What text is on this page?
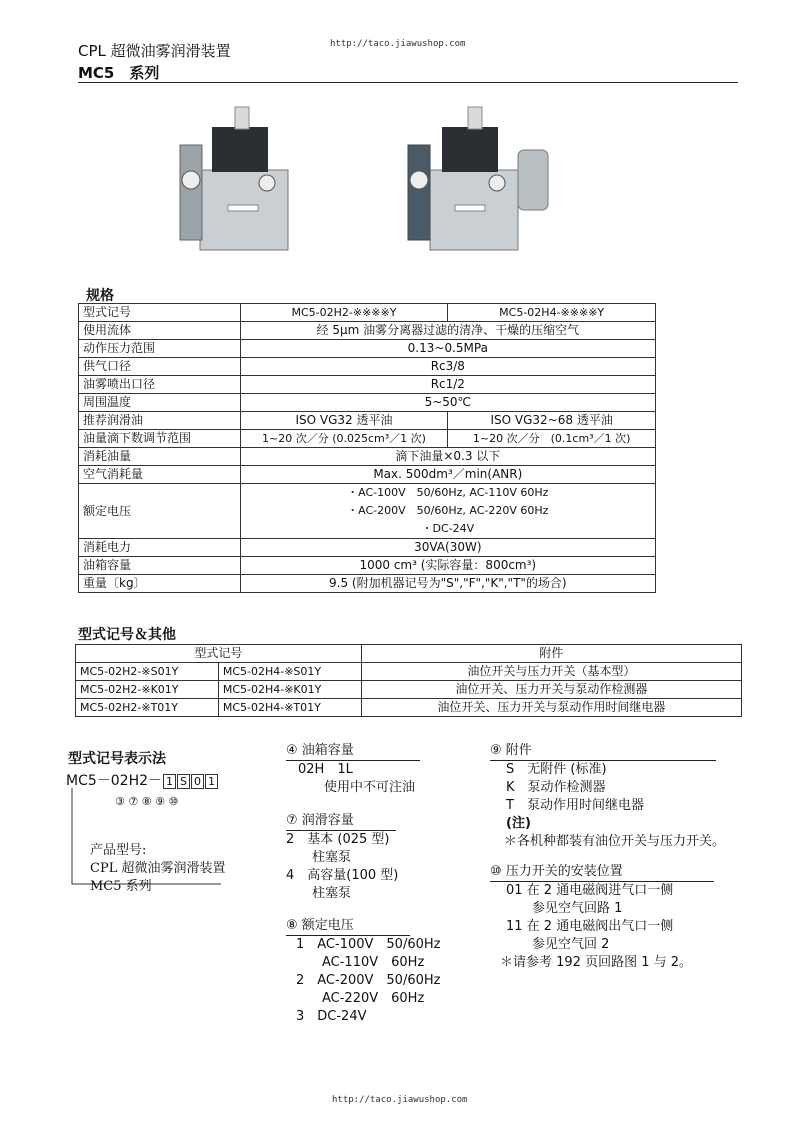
http://taco.jiawushop.com
CPL 超微油雾润滑装置
MC5　系列
规格
型式记号	MC5-02H2-※※※※Y	MC5-02H4-※※※※Y
使用流体	经 5μm 油雾分离器过滤的清净、干燥的压缩空气	
动作压力范围	0.13~0.5MPa	
供气口径	Rc3/8	
油雾喷出口径	Rc1/2	
周围温度	5~50℃	
推荐润滑油	ISO VG32 透平油	ISO VG32~68 透平油
油量滴下数调节范围	1~20 次／分 (0.025cm³／1 次)	1~20 次／分　(0.1cm³／1 次)
消耗油量	滴下油量×0.3 以下	
空气消耗量	Max. 500dm³／min(ANR)	
额定电压	・AC-100V　50/60Hz, AC-110V 60Hz
・AC-200V　50/60Hz, AC-220V 60Hz
・DC-24V	

消耗电力	30VA(30W)	
油箱容量	1000 cm³ (实际容量：800cm³)	
重量〔kg〕	9.5 (附加机器记号为"S","F","K","T"的场合)	
型式记号＆其他
型式记号		附件
MC5-02H2-※S01Y	MC5-02H4-※S01Y	油位开关与压力开关（基本型）
MC5-02H2-※K01Y	MC5-02H4-※K01Y	油位开关、压力开关与泵动作检测器
MC5-02H2-※T01Y	MC5-02H4-※T01Y	油位开关、压力开关与泵动作用时间继电器
型式记号表示法
MC5－02H2－ 1 S 0 1
③ ⑦ ⑧ ⑨ ⑩
产品型号:
CPL 超微油雾润滑装置
MC5 系列
④ 油箱容量
02H　1L
　　使用中不可注油
⑦ 润滑容量
2　基本 (025 型)
　　柱塞泵
4　高容量(100 型)
　　柱塞泵
⑧ 额定电压
1　AC-100V　50/60Hz
　　AC-110V　60Hz
2　AC-200V　50/60Hz
　　AC-220V　60Hz
3　DC-24V
⑨ 附件
S　无附件 (标准)
K　泵动作检测器
T　泵动作用时间继电器
(注)
＊各机种都装有油位开关与压力开关。
⑩ 压力开关的安装位置
01 在 2 通电磁阀进气口一侧
　　参见空气回路 1
11 在 2 通电磁阀出气口一侧
　　参见空气回 2
＊请参考 192 页回路图 1 与 2。
http://taco.jiawushop.com
